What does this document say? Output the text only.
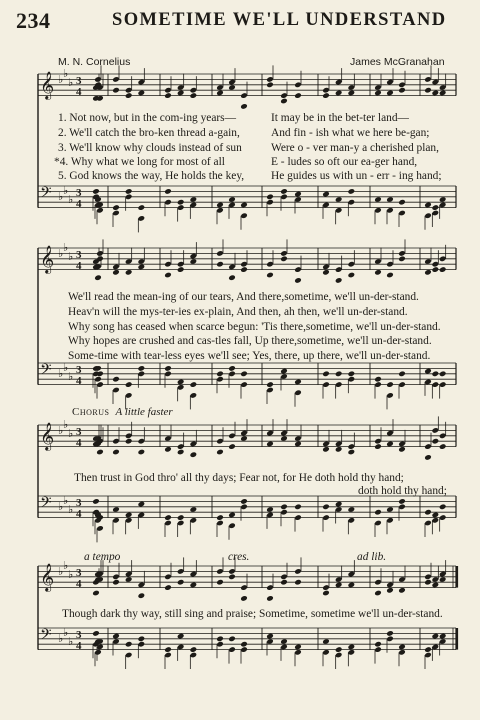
234	SOMETIME WE'LL UNDERSTAND
M. N. Cornelius	James McGranahan
𝄞 ♭ ♭
♭ 3
4
𝄢 ♭ ♭
♭
3
4
𝄞 ♭ ♭
♭ 3
4
𝄢 ♭ ♭
♭
3
4
𝄞 ♭ ♭
♭ 3
4
𝄢 ♭ ♭
♭
3
4
𝄞 ♭ ♭
♭ 3
4
𝄢 ♭ ♭
♭
3
4
1. Not now, but in the com-ing years—
2. We'll catch the bro-ken thread a-gain,
3. We'll know why clouds instead of sun
*4. Why what we long for most of all
5. God knows the way, He holds the key,
It may be in the bet-ter land—
And fin - ish what we here be-gan;
Were o - ver man-y a cherished plan,
E - ludes so oft our ea-ger hand,
He guides us with un - err - ing hand;
We'll read the mean-ing of our tears, And there,sometime, we'll un-der-stand.
Heav'n will the mys-ter-ies ex-plain, And then, ah then, we'll un-der-stand.
Why song has ceased when scarce begun: 'Tis there,sometime, we'll un-der-stand.
Why hopes are crushed and cas-tles fall, Up there,sometime, we'll un-der-stand.
Some-time with tear-less eyes we'll see; Yes, there, up there, we'll un-der-stand.
Chorus A little faster
Then trust in God thro' all thy days; Fear not, for He doth hold thy hand;
doth hold thy hand;
Though dark thy way, still sing and praise; Sometime, sometime we'll un-der-stand.
a tempo	cres.	ad lib.
